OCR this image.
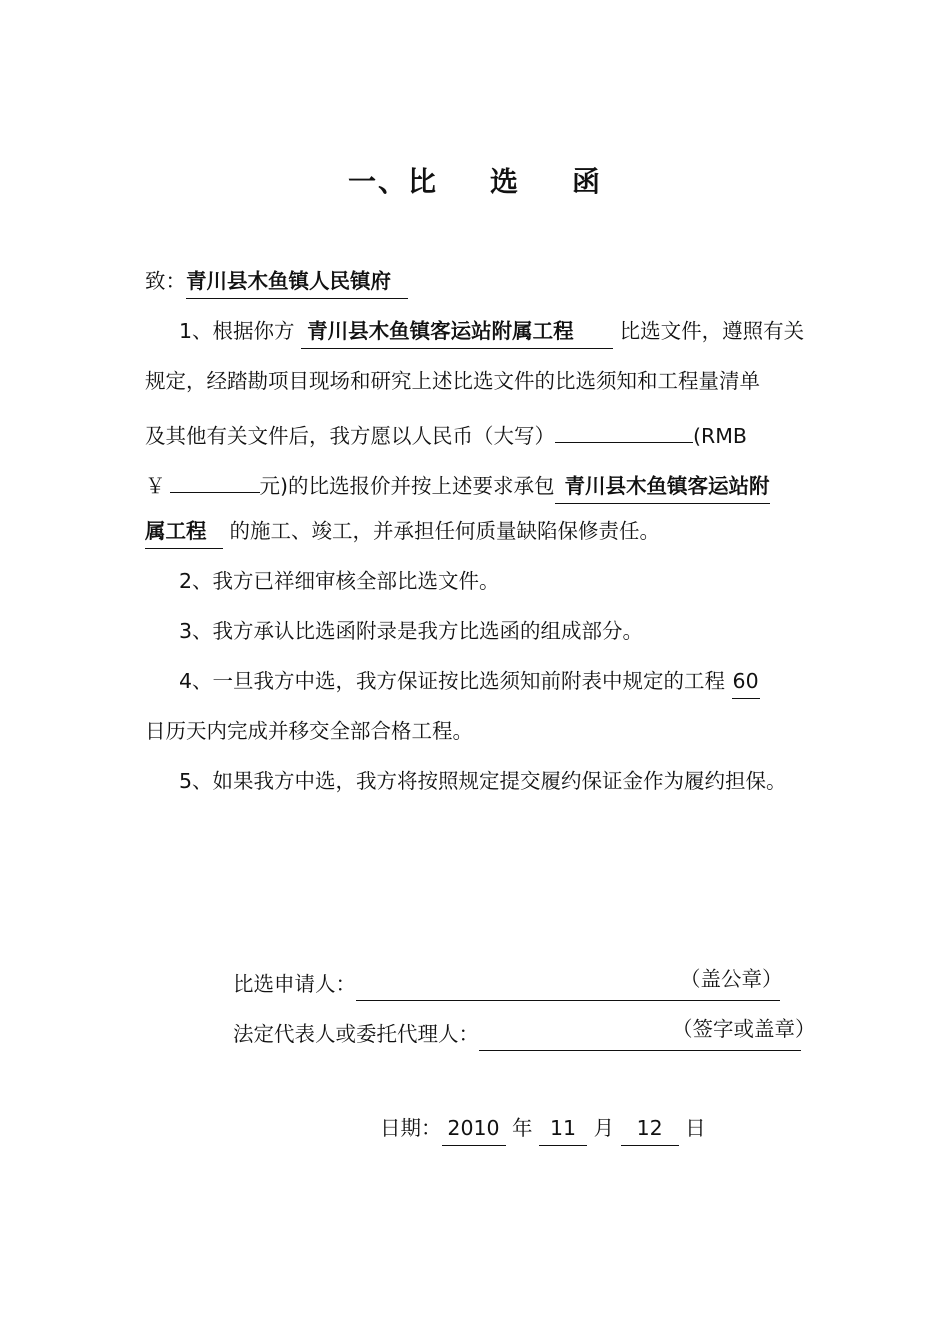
一、比 选 函
致：青川县木鱼镇人民镇府
1、根据你方 青川县木鱼镇客运站附属工程 比选文件，遵照有关
规定，经踏勘项目现场和研究上述比选文件的比选须知和工程量清单
及其他有关文件后，我方愿以人民币（大写）	(RMB
￥	元)的比选报价并按上述要求承包 青川县木鱼镇客运站附
属工程 的施工、竣工，并承担任何质量缺陷保修责任。
2、我方已祥细审核全部比选文件。
3、我方承认比选函附录是我方比选函的组成部分。
4、一旦我方中选，我方保证按比选须知前附表中规定的工程 60
日历天内完成并移交全部合格工程。
5、如果我方中选，我方将按照规定提交履约保证金作为履约担保。
比选申请人：	（盖公章）
法定代表人或委托代理人：	（签字或盖章）
日期： 2010 年 11 月 12 日
